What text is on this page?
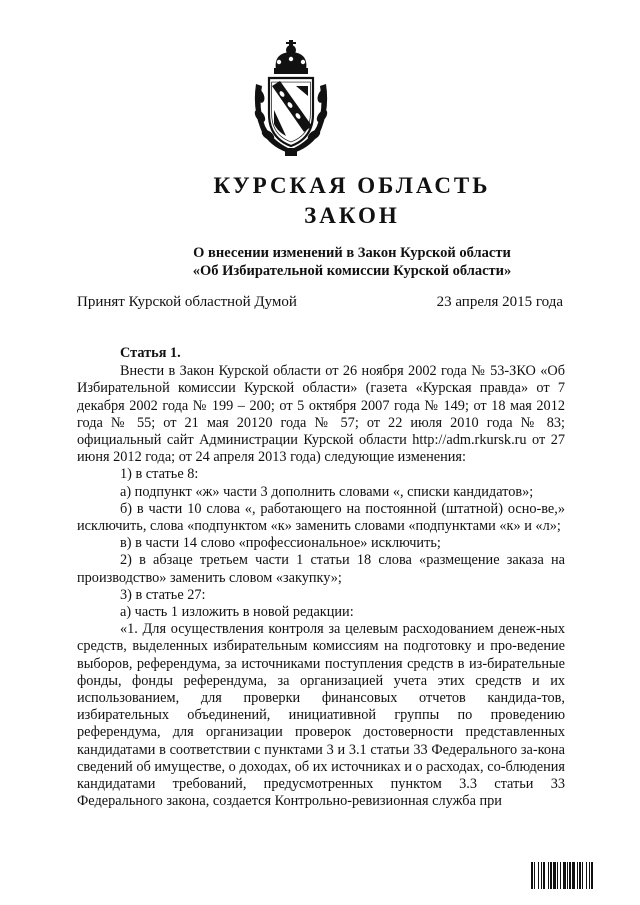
КУРСКАЯ ОБЛАСТЬ
ЗАКОН
О внесении изменений в Закон Курской области
«Об Избирательной комиссии Курской области»
Принят Курской областной Думой	23 апреля 2015 года

Статья 1.

Внести в Закон Курской области от 26 ноября 2002 года № 53-ЗКО «Об Избирательной комиссии Курской области» (газета «Курская правда» от 7 декабря 2002 года № 199 – 200; от 5 октября 2007 года № 149; от 18 мая 2012 года № 55; от 21 мая 20120 года № 57; от 22 июля 2010 года № 83; официальный сайт Администрации Курской области http://adm.rkursk.ru от 27 июня 2012 года; от 24 апреля 2013 года) следующие изменения:

1) в статье 8:

а) подпункт «ж» части 3 дополнить словами «, списки кандидатов»;

б) в части 10 слова «, работающего на постоянной (штатной) осно-ве,» исключить, слова «подпунктом «к» заменить словами «подпунктами «к» и «л»;

в) в части 14 слово «профессиональное» исключить;

2) в абзаце третьем части 1 статьи 18 слова «размещение заказа на производство» заменить словом «закупку»;

3) в статье 27:

а) часть 1 изложить в новой редакции:

«1. Для осуществления контроля за целевым расходованием денеж-ных средств, выделенных избирательным комиссиям на подготовку и про-ведение выборов, референдума, за источниками поступления средств в из-бирательные фонды, фонды референдума, за организацией учета этих средств и их использованием, для проверки финансовых отчетов кандида-тов, избирательных объединений, инициативной группы по проведению референдума, для организации проверок достоверности представленных кандидатами в соответствии с пунктами 3 и 3.1 статьи 33 Федерального за-кона сведений об имуществе, о доходах, об их источниках и о расходах, со-блюдения кандидатами требований, предусмотренных пунктом 3.3 статьи 33 Федерального закона, создается Контрольно-ревизионная служба при
